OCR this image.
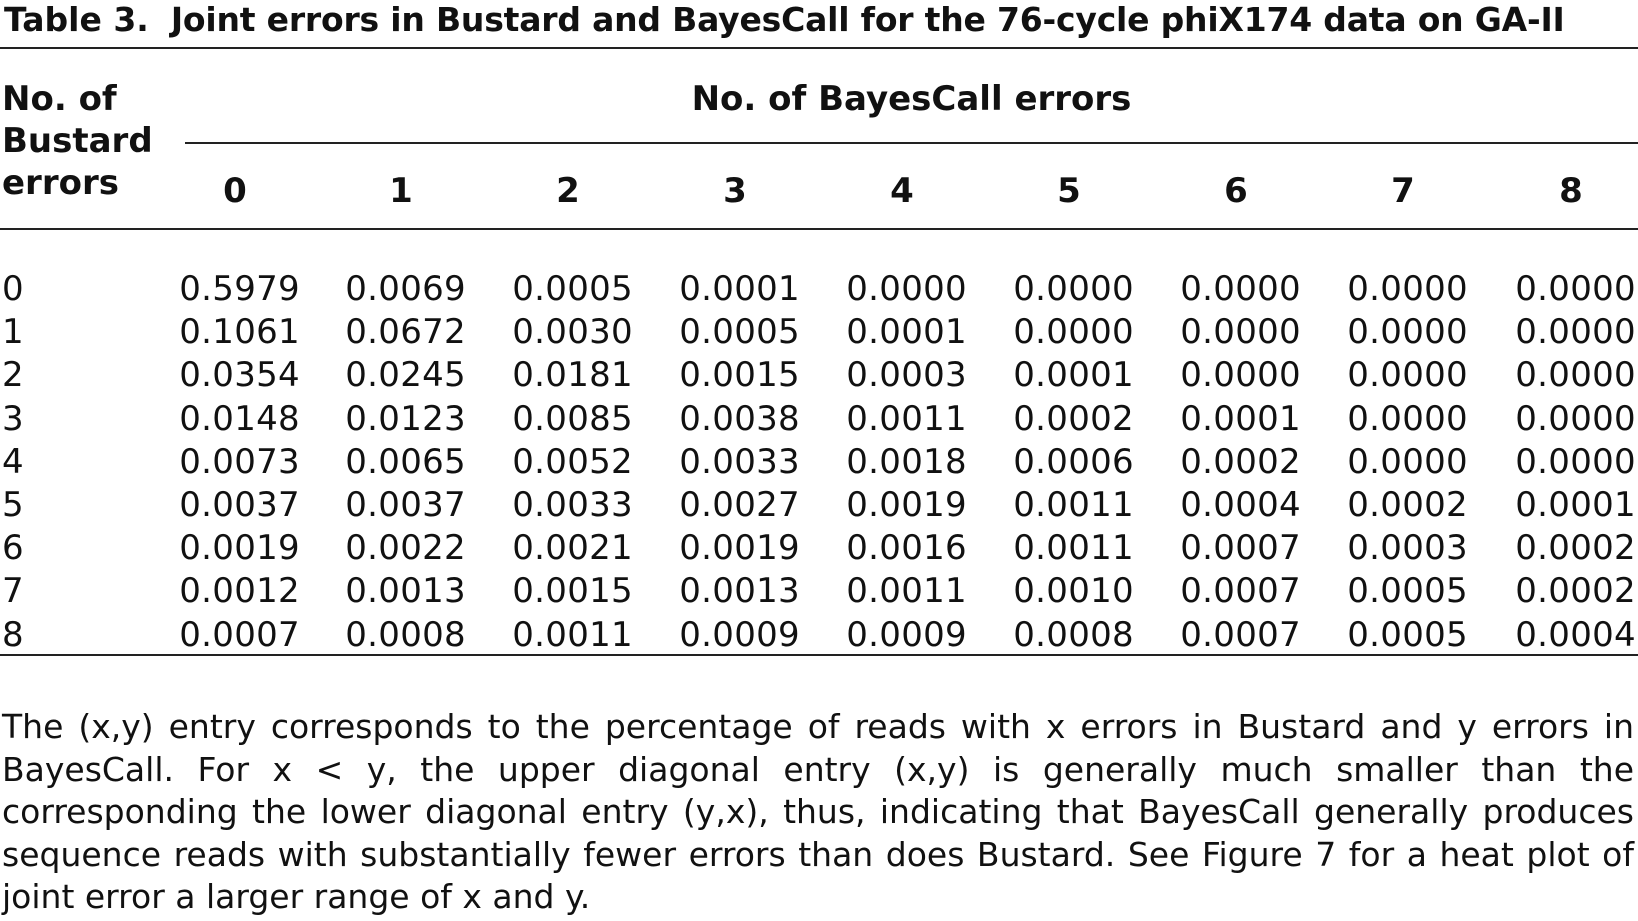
Table 3. Joint errors in Bustard and BayesCall for the 76-cycle phiX174 data on GA-II
No. of
Bustard
errors
No. of BayesCall errors
0	1	2	3	4	5	6	7	8
0	0.5979	0.0069	0.0005	0.0001	0.0000	0.0000	0.0000	0.0000	0.0000
1	0.1061	0.0672	0.0030	0.0005	0.0001	0.0000	0.0000	0.0000	0.0000
2	0.0354	0.0245	0.0181	0.0015	0.0003	0.0001	0.0000	0.0000	0.0000
3	0.0148	0.0123	0.0085	0.0038	0.0011	0.0002	0.0001	0.0000	0.0000
4	0.0073	0.0065	0.0052	0.0033	0.0018	0.0006	0.0002	0.0000	0.0000
5	0.0037	0.0037	0.0033	0.0027	0.0019	0.0011	0.0004	0.0002	0.0001
6	0.0019	0.0022	0.0021	0.0019	0.0016	0.0011	0.0007	0.0003	0.0002
7	0.0012	0.0013	0.0015	0.0013	0.0011	0.0010	0.0007	0.0005	0.0002
8	0.0007	0.0008	0.0011	0.0009	0.0009	0.0008	0.0007	0.0005	0.0004

The (x,y) entry corresponds to the percentage of reads with x errors in Bustard and y errors in BayesCall. For x < y, the upper diagonal entry (x,y) is generally much smaller than the corresponding the lower diagonal entry (y,x), thus, indicating that BayesCall generally produces sequence reads with substantially fewer errors than does Bustard. See Figure 7 for a heat plot of joint error a larger range of x and y.
